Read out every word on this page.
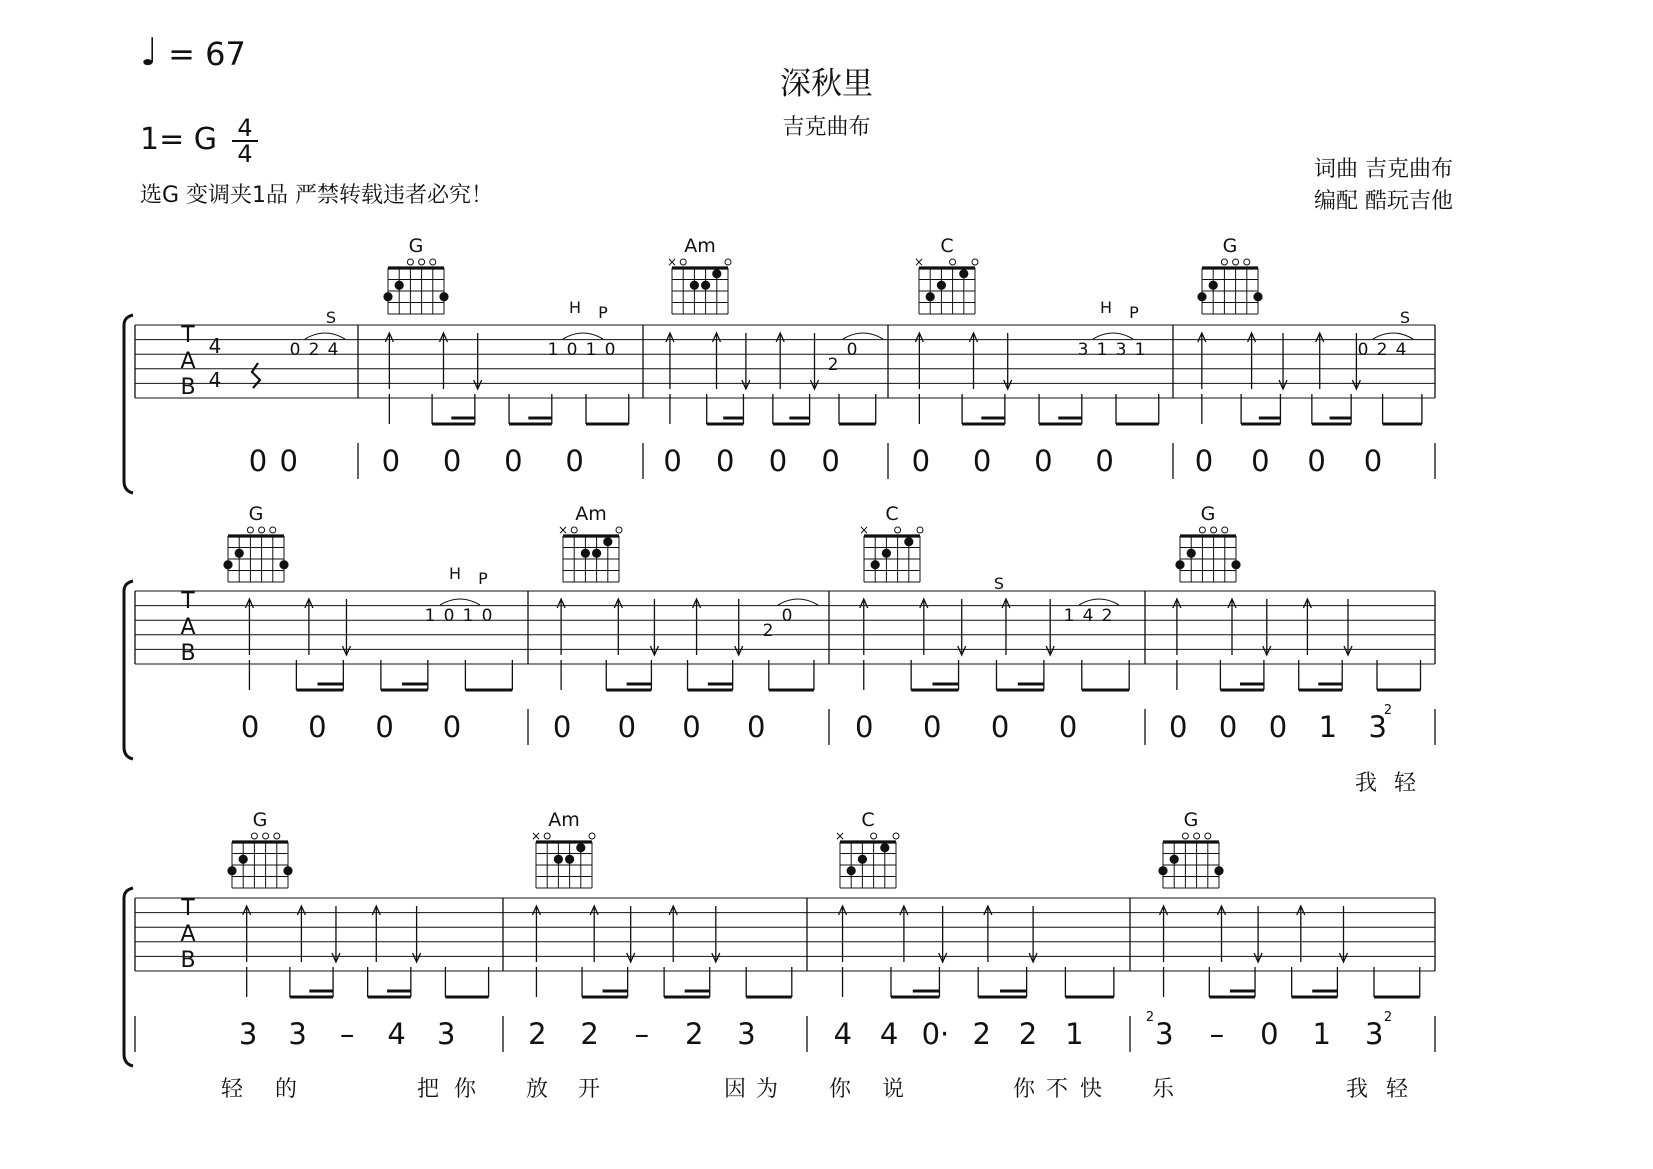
深秋里
吉克曲布
♩ = 67
1= G 4
4
选G 变调夹1品 严禁转载违者必究！
词曲 吉克曲布
编配 酷玩吉他
T
A
B
4
4
G	Am
×
C
×
G
0 2 4	1 0 1 0
2
0	3 1 3 1	0 2 4
H P	H P
S	S
0 0	0 0 0 0	0 0 0 0 0 0 0 0	0 0 0 0
T
A
B
G	Am
×
C
×
G
1 0 1 0
2
0	1 4 2
H P	S
0 0 0 0	0 0 0 0	0 0 0 0	0 0 0 1 3
2
我 轻
T
A
B
G	Am
×
C
×
G
3 3 – 4 3	2 2 – 2 3	4 4 0· 2 2 1 3 – 0 1 3 2
2
轻 的	把 你 放 开	因 为 你 说	你 不 快 乐	我 轻
